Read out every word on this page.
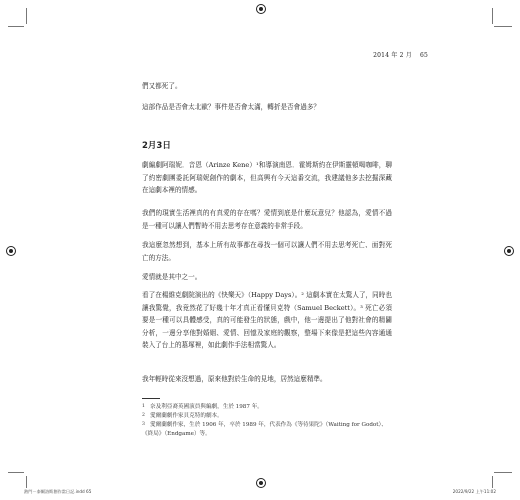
2014 年 2 月 65
們又都死了。
這部作品是否會太北歐？事件是否會太滿，轉折是否會過多？
2月3日
劇編劇阿瑞妮．音恩（Arinze Kene）¹和導演南恩．霍姆斯約在伊斯靈頓喝咖啡，聊了約密劇團委託阿瑞妮創作的劇本，但高興有今天這番交流，我建議他多去挖掘深藏在這劇本裡的情感。
我們的現實生活裡真的有真愛的存在嗎？愛情到底是什麼玩意兒？他認為，愛情不過是一種可以讓人們暫時不用去思考存在意義的非常手段。
我這麼忽然想到，基本上所有故事都在尋找一個可以讓人們不用去思考死亡、面對死亡的方法。
愛情就是其中之一。
看了在楊維克劇院演出的《快樂天》（Happy Days）。² 這劇本實在太驚人了，同時也讓我驚覺，我竟然花了好幾十年才真正看懂貝克特（Samuel Beckett）。³ 死亡必須要是一種可以具體感受，真的可能發生的狀態，戲中，他一邊提出了他對社會的精闢分析，一邊分享他對婚姻、愛情、回憶及家庭的觀察，整場下來像是把這些內容通通裝入了台上的墓塚裡，如此劇作手法相當驚人。
我年輕時從來沒想過，原來他對於生命的見地，居然這麼精準。
1 奈及利亞裔英國演員與編劇，生於 1987 年。
2 愛爾蘭劇作家貝克特的劇本。
3 愛爾蘭劇作家，生於 1906 年，卒於 1989 年，代表作為《等待果陀》（Waiting for Godot）、《終局》（Endgame）等。
熱門－泰爾洛斯創作當日記.indd 65	2022/9/22 上午11:02
